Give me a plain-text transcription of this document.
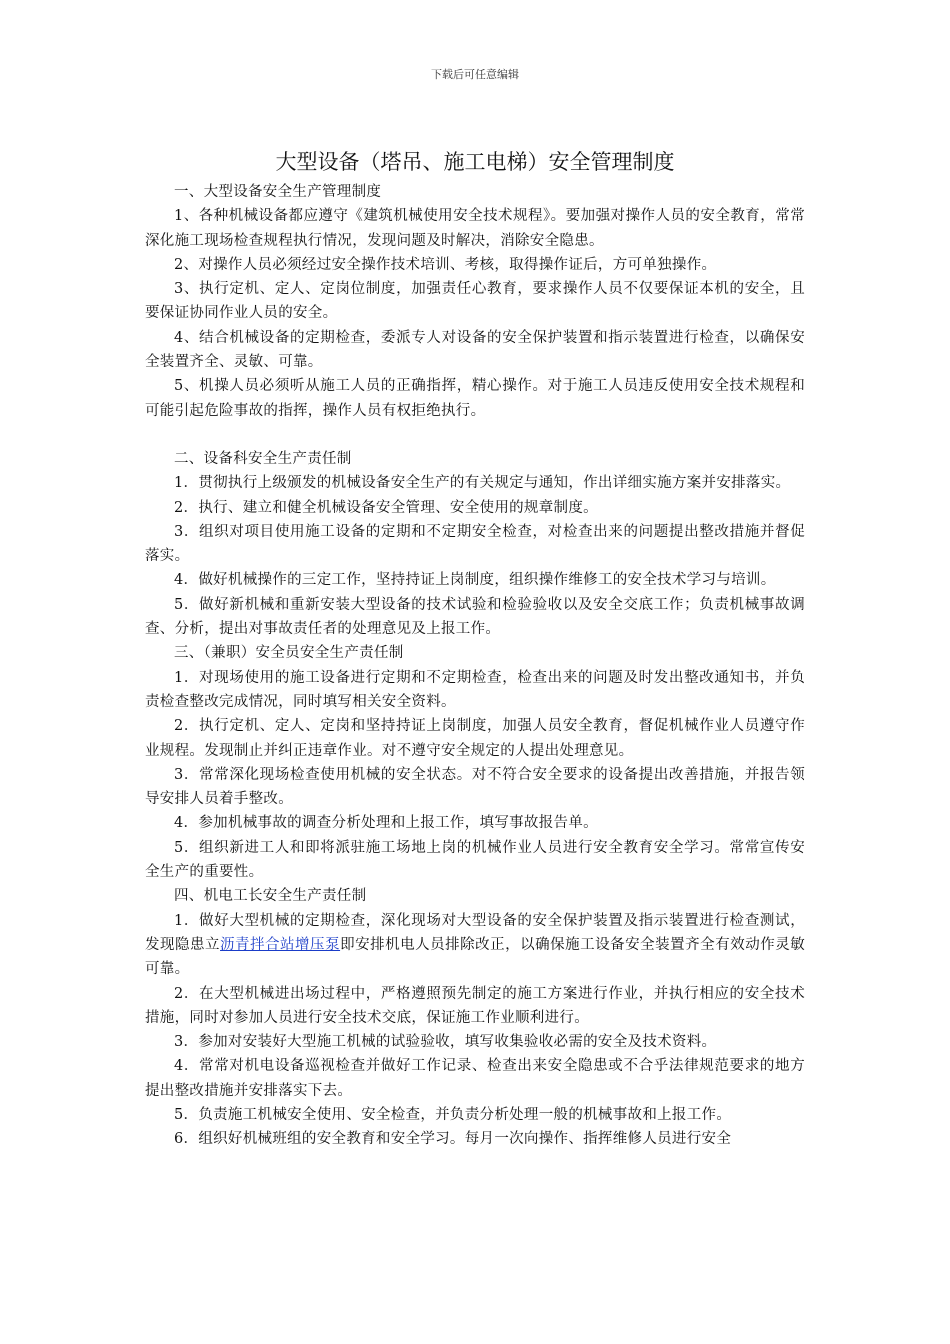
下载后可任意编辑
大型设备（塔吊、施工电梯）安全管理制度

一、大型设备安全生产管理制度

1、各种机械设备都应遵守《建筑机械使用安全技术规程》。要加强对操作人员的安全教育，常常深化施工现场检查规程执行情况，发现问题及时解决，消除安全隐患。

2、对操作人员必须经过安全操作技术培训、考核，取得操作证后，方可单独操作。

3、执行定机、定人、定岗位制度，加强责任心教育，要求操作人员不仅要保证本机的安全，且要保证协同作业人员的安全。

4、结合机械设备的定期检查，委派专人对设备的安全保护装置和指示装置进行检查，以确保安全装置齐全、灵敏、可靠。

5、机操人员必须听从施工人员的正确指挥，精心操作。对于施工人员违反使用安全技术规程和可能引起危险事故的指挥，操作人员有权拒绝执行。

二、设备科安全生产责任制

1．贯彻执行上级颁发的机械设备安全生产的有关规定与通知，作出详细实施方案并安排落实。

2．执行、建立和健全机械设备安全管理、安全使用的规章制度。

3．组织对项目使用施工设备的定期和不定期安全检查，对检查出来的问题提出整改措施并督促落实。

4．做好机械操作的三定工作，坚持持证上岗制度，组织操作维修工的安全技术学习与培训。

5．做好新机械和重新安装大型设备的技术试验和检验验收以及安全交底工作；负责机械事故调查、分析，提出对事故责任者的处理意见及上报工作。

三、（兼职）安全员安全生产责任制

1．对现场使用的施工设备进行定期和不定期检查，检查出来的问题及时发出整改通知书，并负责检查整改完成情况，同时填写相关安全资料。

2．执行定机、定人、定岗和坚持持证上岗制度，加强人员安全教育，督促机械作业人员遵守作业规程。发现制止并纠正违章作业。对不遵守安全规定的人提出处理意见。

3．常常深化现场检查使用机械的安全状态。对不符合安全要求的设备提出改善措施，并报告领导安排人员着手整改。

4．参加机械事故的调查分析处理和上报工作，填写事故报告单。

5．组织新进工人和即将派驻施工场地上岗的机械作业人员进行安全教育安全学习。常常宣传安全生产的重要性。

四、机电工长安全生产责任制

1．做好大型机械的定期检查，深化现场对大型设备的安全保护装置及指示装置进行检查测试，发现隐患立沥青拌合站增压泵即安排机电人员排除改正，以确保施工设备安全装置齐全有效动作灵敏可靠。

2．在大型机械进出场过程中，严格遵照预先制定的施工方案进行作业，并执行相应的安全技术措施，同时对参加人员进行安全技术交底，保证施工作业顺利进行。

3．参加对安装好大型施工机械的试验验收，填写收集验收必需的安全及技术资料。

4．常常对机电设备巡视检查并做好工作记录、检查出来安全隐患或不合乎法律规范要求的地方提出整改措施并安排落实下去。

5．负责施工机械安全使用、安全检查，并负责分析处理一般的机械事故和上报工作。

6．组织好机械班组的安全教育和安全学习。每月一次向操作、指挥维修人员进行安全
